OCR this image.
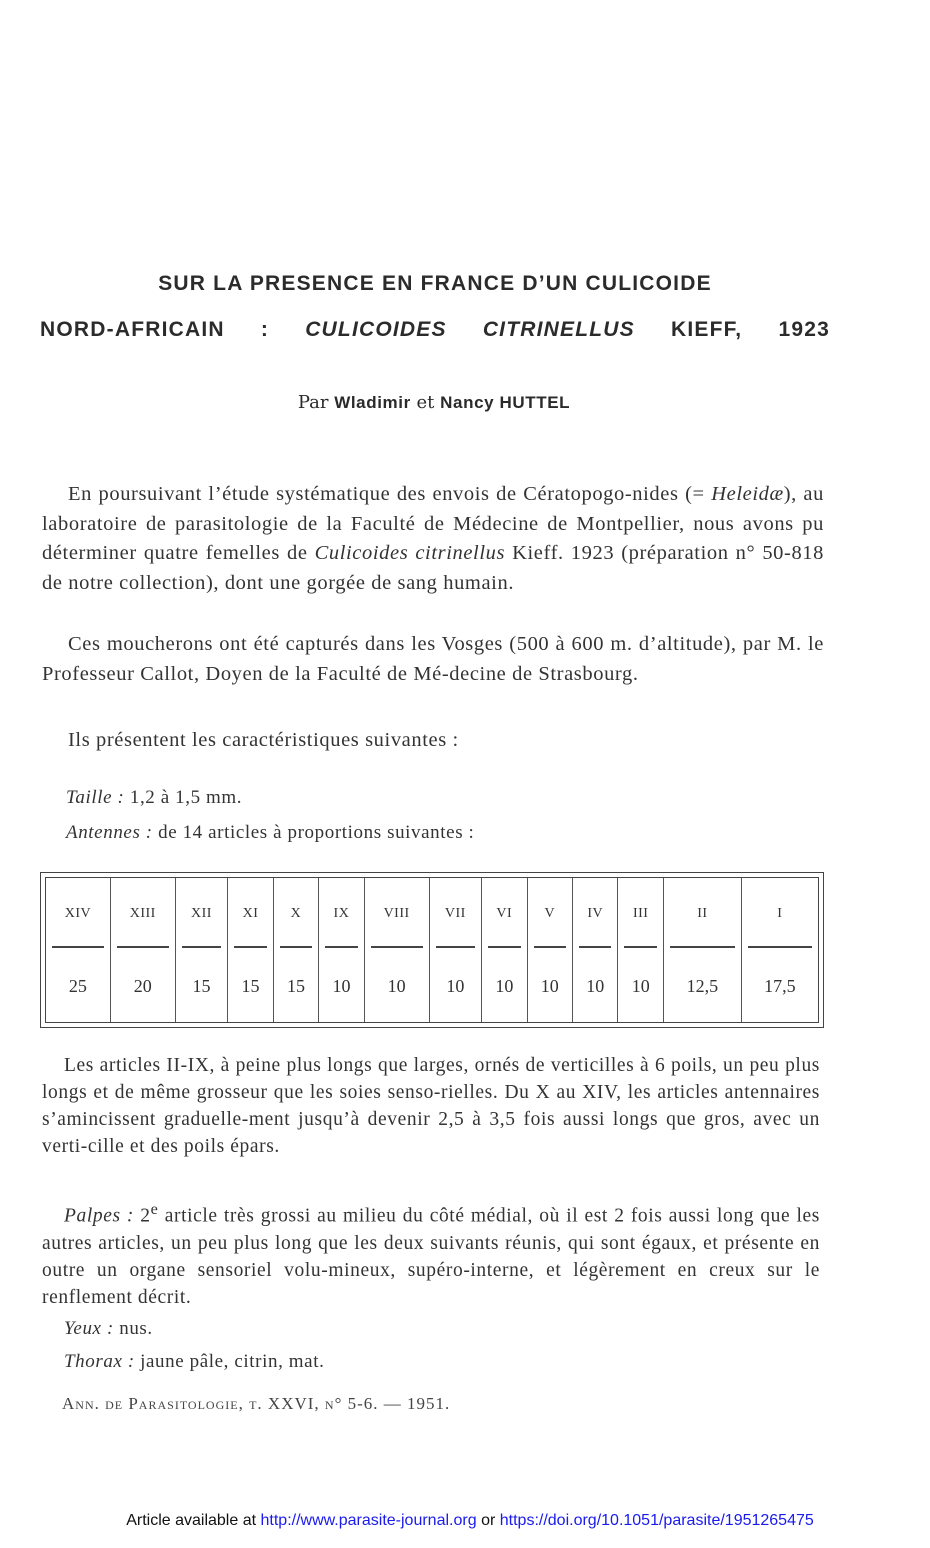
SUR LA PRESENCE EN FRANCE D’UN CULICOIDE
NORD-AFRICAIN : CULICOIDES CITRINELLUS KIEFF, 1923
Par Wladimir et Nancy HUTTEL

En poursuivant l’étude systématique des envois de Cératopogo-nides (= Heleidæ), au laboratoire de parasitologie de la Faculté de Médecine de Montpellier, nous avons pu déterminer quatre femelles de Culicoides citrinellus Kieff. 1923 (préparation n° 50-818 de notre collection), dont une gorgée de sang humain.

Ces moucherons ont été capturés dans les Vosges (500 à 600 m. d’altitude), par M. le Professeur Callot, Doyen de la Faculté de Mé-decine de Strasbourg.

Ils présentent les caractéristiques suivantes :

Taille : 1,2 à 1,5 mm.
Antennes : de 14 articles à proportions suivantes :
XIV	XIII	XII	XI	X	IX	VIII	VII	VI	V	IV	III	II	I

25	20	15	15	15	10	10	10	10	10	10	10	12,5	17,5

Les articles II-IX, à peine plus longs que larges, ornés de verticilles à 6 poils, un peu plus longs et de même grosseur que les soies senso-rielles. Du X au XIV, les articles antennaires s’amincissent graduelle-ment jusqu’à devenir 2,5 à 3,5 fois aussi longs que gros, avec un verti-cille et des poils épars.

Palpes : 2e article très grossi au milieu du côté médial, où il est 2 fois aussi long que les autres articles, un peu plus long que les deux suivants réunis, qui sont égaux, et présente en outre un organe sensoriel volu-mineux, supéro-interne, et légèrement en creux sur le renflement décrit.

Yeux : nus.
Thorax : jaune pâle, citrin, mat.
Ann. de Parasitologie, t. XXVI, n° 5-6. — 1951.
Article available at http://www.parasite-journal.org or https://doi.org/10.1051/parasite/1951265475
